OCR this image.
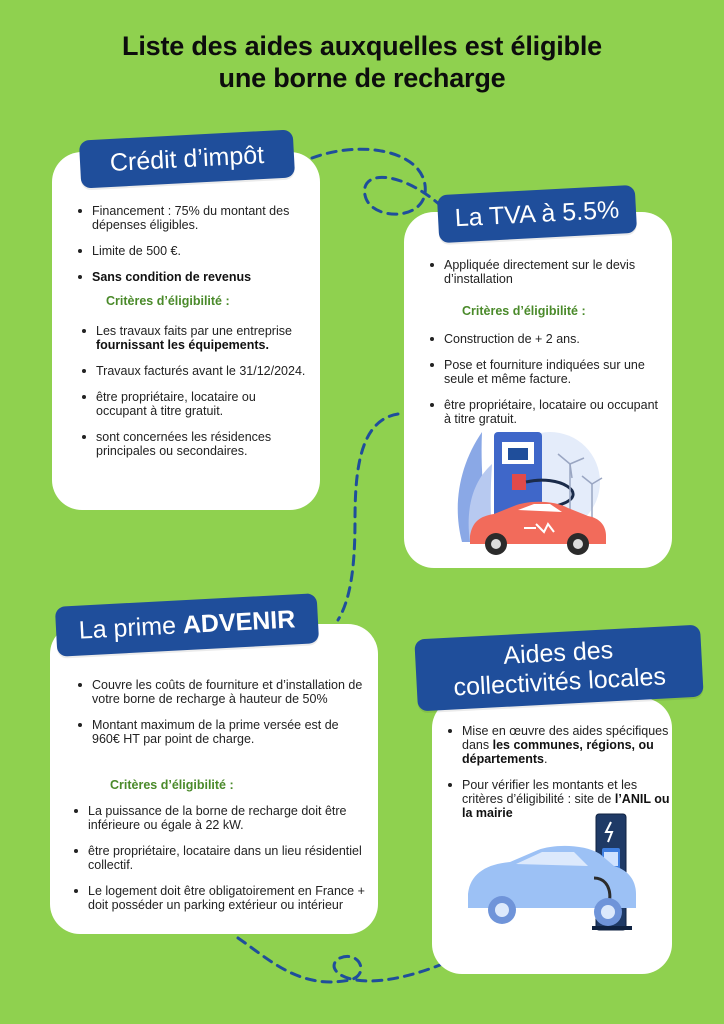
Liste des aides auxquelles est éligible
une borne de recharge
Crédit d’impôt
Financement : 75% du montant des dépenses éligibles.
Limite de 500 €.
Sans condition de revenus
Critères d’éligibilité :
Les travaux faits par une entreprise fournissant les équipements.
Travaux facturés avant le 31/12/2024.
être propriétaire, locataire ou occupant à titre gratuit.
sont concernées les résidences principales ou secondaires.
La TVA à 5.5%
Appliquée directement sur le devis d’installation
Critères d’éligibilité :
Construction de + 2 ans.
Pose et fourniture indiquées sur une seule et même facture.
être propriétaire, locataire ou occupant à titre gratuit.
La prime ADVENIR
Couvre les coûts de fourniture et d’installation de votre borne de recharge à hauteur de 50%
Montant maximum de la prime versée est de 960€ HT par point de charge.
Critères d’éligibilité :
La puissance de la borne de recharge doit être inférieure ou égale à 22 kW.
être propriétaire, locataire dans un lieu résidentiel collectif.
Le logement doit être obligatoirement en France + doit posséder un parking extérieur ou intérieur
Aides des
collectivités locales
Mise en œuvre des aides spécifiques dans les communes, régions, ou départements.
Pour vérifier les montants et les critères d’éligibilité : site de l’ANIL ou la mairie
